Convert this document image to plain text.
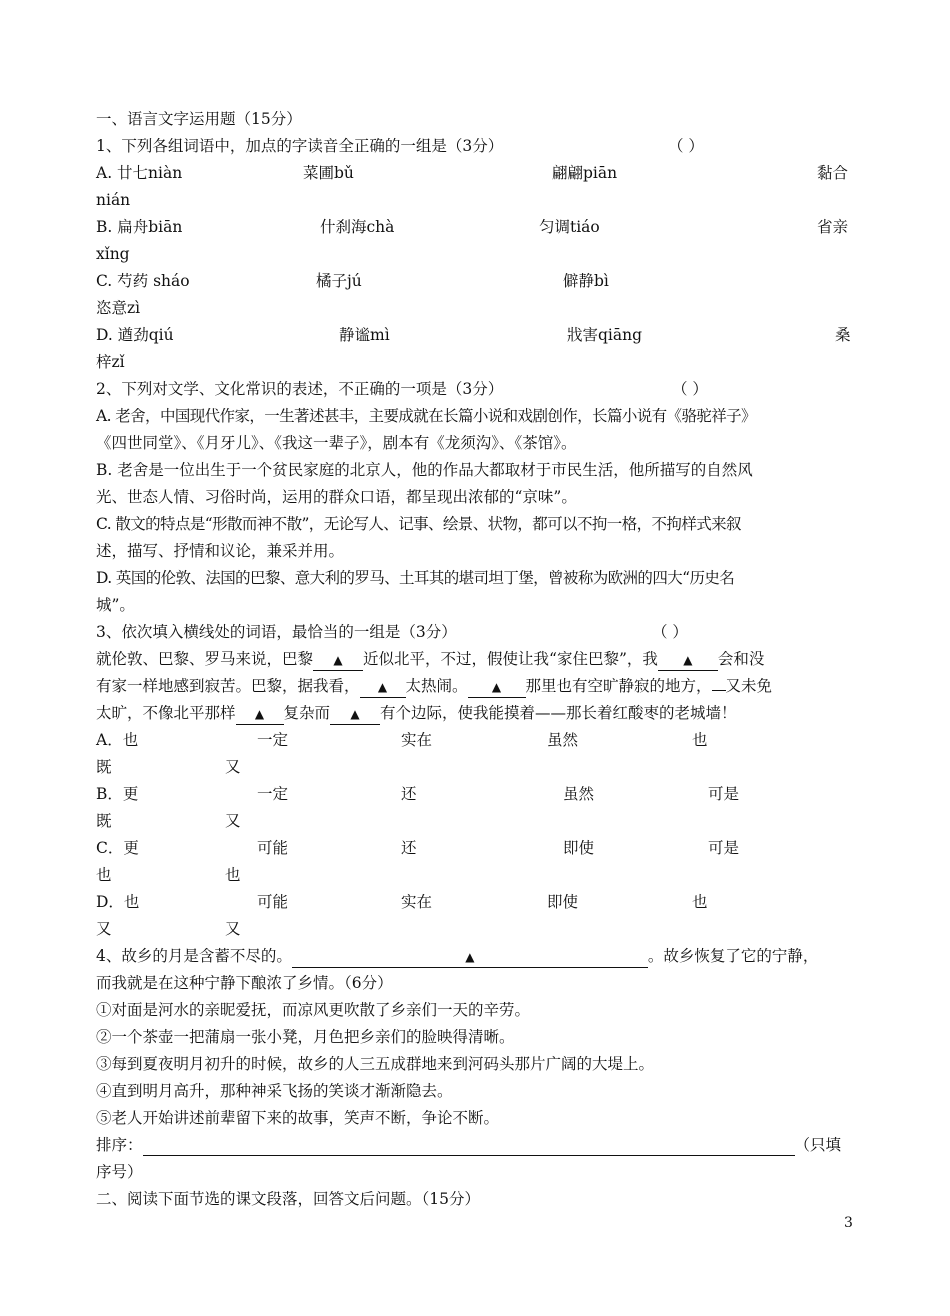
一、语言文字运用题（15分）
1、下列各组词语中，加点的字读音全正确的一组是（3分）	（ ）
A. 廿七niàn	菜圃bǔ	翩翩piān	黏合
nián
B. 扁舟biān	什刹海chà	匀调tiáo	省亲
xǐng
C. 芍药 sháo	橘子jú	僻静bì
恣意zì
D. 遒劲qiú	静谧mì	戕害qiāng	桑
梓zǐ
2、下列对文学、文化常识的表述，不正确的一项是（3分）	（ ）
A. 老舍，中国现代作家，一生著述甚丰，主要成就在长篇小说和戏剧创作，长篇小说有《骆驼祥子》
《四世同堂》、《月牙儿》、《我这一辈子》，剧本有《龙须沟》、《茶馆》。
B. 老舍是一位出生于一个贫民家庭的北京人，他的作品大都取材于市民生活，他所描写的自然风
光、世态人情、习俗时尚，运用的群众口语，都呈现出浓郁的“京味”。
C. 散文的特点是“形散而神不散”，无论写人、记事、绘景、状物，都可以不拘一格，不拘样式来叙
述，描写、抒情和议论，兼采并用。
D. 英国的伦敦、法国的巴黎、意大利的罗马、土耳其的堪司坦丁堡，曾被称为欧洲的四大“历史名
城”。
3、依次填入横线处的词语，最恰当的一组是（3分）	（ ）
就伦敦、巴黎、罗马来说，巴黎 ▲ 近似北平，不过，假使让我“家住巴黎”，我 ▲ 会和没
有家一样地感到寂苦。巴黎，据我看， ▲ 太热闹。 ▲ 那里也有空旷静寂的地方， 又未免
太旷，不像北平那样 ▲ 复杂而 ▲ 有个边际，使我能摸着——那长着红酸枣的老城墙！
A．也	一定	实在	虽然	也
既	又
B．更	一定	还	虽然	可是
既	又
C．更	可能	还	即使	可是
也	也
D．也	可能	实在	即使	也
又	又
4、故乡的月是含蓄不尽的。	▲	。故乡恢复了它的宁静，
而我就是在这种宁静下酿浓了乡情。（6分）
①对面是河水的亲昵爱抚，而凉风更吹散了乡亲们一天的辛劳。
②一个茶壶一把蒲扇一张小凳，月色把乡亲们的脸映得清晰。
③每到夏夜明月初升的时候，故乡的人三五成群地来到河码头那片广阔的大堤上。
④直到明月高升，那种神采飞扬的笑谈才渐渐隐去。
⑤老人开始讲述前辈留下来的故事，笑声不断，争论不断。
排序：	（只填
序号）
二、阅读下面节选的课文段落，回答文后问题。（15分）
3
